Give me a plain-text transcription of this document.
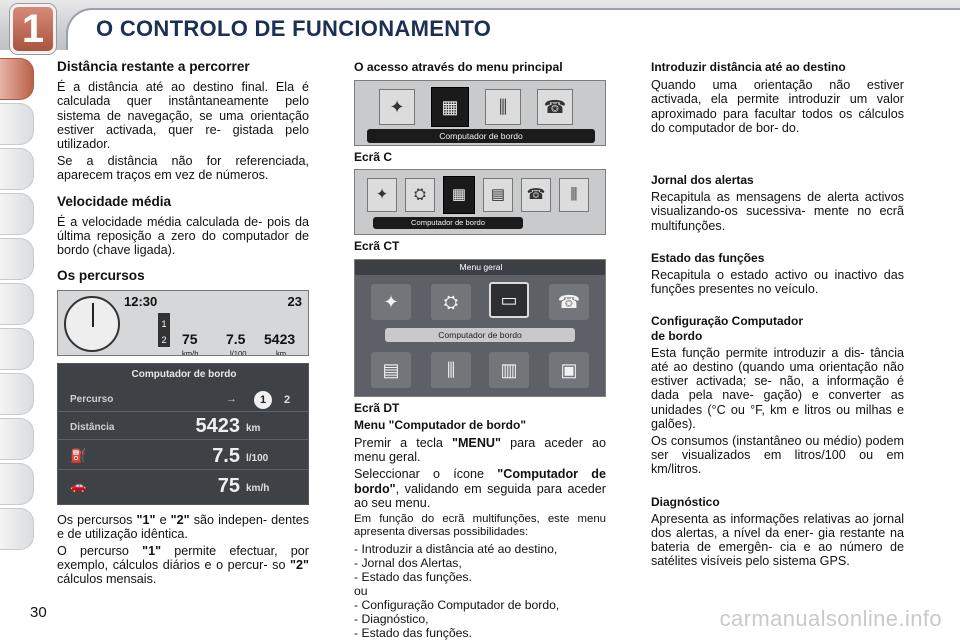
1	O CONTROLO DE FUNCIONAMENTO
Distância restante a percorrer

É a distância até ao destino final. Ela é calculada quer instântaneamente pelo sistema de navegação, se uma orientação estiver activada, quer re- gistada pelo utilizador.

Se a distância não for referenciada, aparecem traços em vez de números.

Velocidade média

É a velocidade média calculada de- pois da última reposição a zero do computador de bordo (chave ligada).

Os percursos
12:30	23
1
2 75
km/h
7.5
l/100
5423
km
Computador de bordo
Percurso	→	1	2
Distância	5423 km
⛽	7.5 l/100
🚗	75 km/h

Os percursos "1" e "2" são indepen- dentes e de utilização idêntica.

O percurso "1" permite efectuar, por exemplo, cálculos diários e o percur- so "2" cálculos mensais.

O acesso através do menu principal
✦ ▦ ⫼ ☎
Computador de bordo
Ecrã C
✦ ⛭ ▦ ▤ ☎ ⫼
Computador de bordo
Ecrã CT
Menu geral
✦	⛭ ▭ ☎
Computador de bordo
▤	⫼	▥ ▣
Ecrã DT
Menu "Computador de bordo"

Premir a tecla "MENU" para aceder ao menu geral.

Seleccionar o ícone "Computador de bordo", validando em seguida para aceder ao seu menu.

Em função do ecrã multifunções, este menu apresenta diversas possibilidades:

- Introduzir a distância até ao destino,
- Jornal dos Alertas,
- Estado das funções.
ou
- Configuração Computador de bordo,
- Diagnóstico,
- Estado das funções.
Introduzir distância até ao destino

Quando uma orientação não estiver activada, ela permite introduzir um valor aproximado para facultar todos os cálculos do computador de bor- do.

Jornal dos alertas

Recapitula as mensagens de alerta activos visualizando-os sucessiva- mente no ecrã multifunções.

Estado das funções

Recapitula o estado activo ou inactivo das funções presentes no veículo.

Configuração Computador
de bordo

Esta função permite introduzir a dis- tância até ao destino (quando uma orientação não estiver activada; se- não, a informação é dada pela nave- gação) e converter as unidades (°C ou °F, km e litros ou milhas e galões).

Os consumos (instantâneo ou médio) podem ser visualizados em litros/100 ou em km/litros.

Diagnóstico

Apresenta as informações relativas ao jornal dos alertas, a nível da ener- gia restante na bateria de emergên- cia e ao número de satélites visíveis pelo sistema GPS.

30	carmanualsonline.info
